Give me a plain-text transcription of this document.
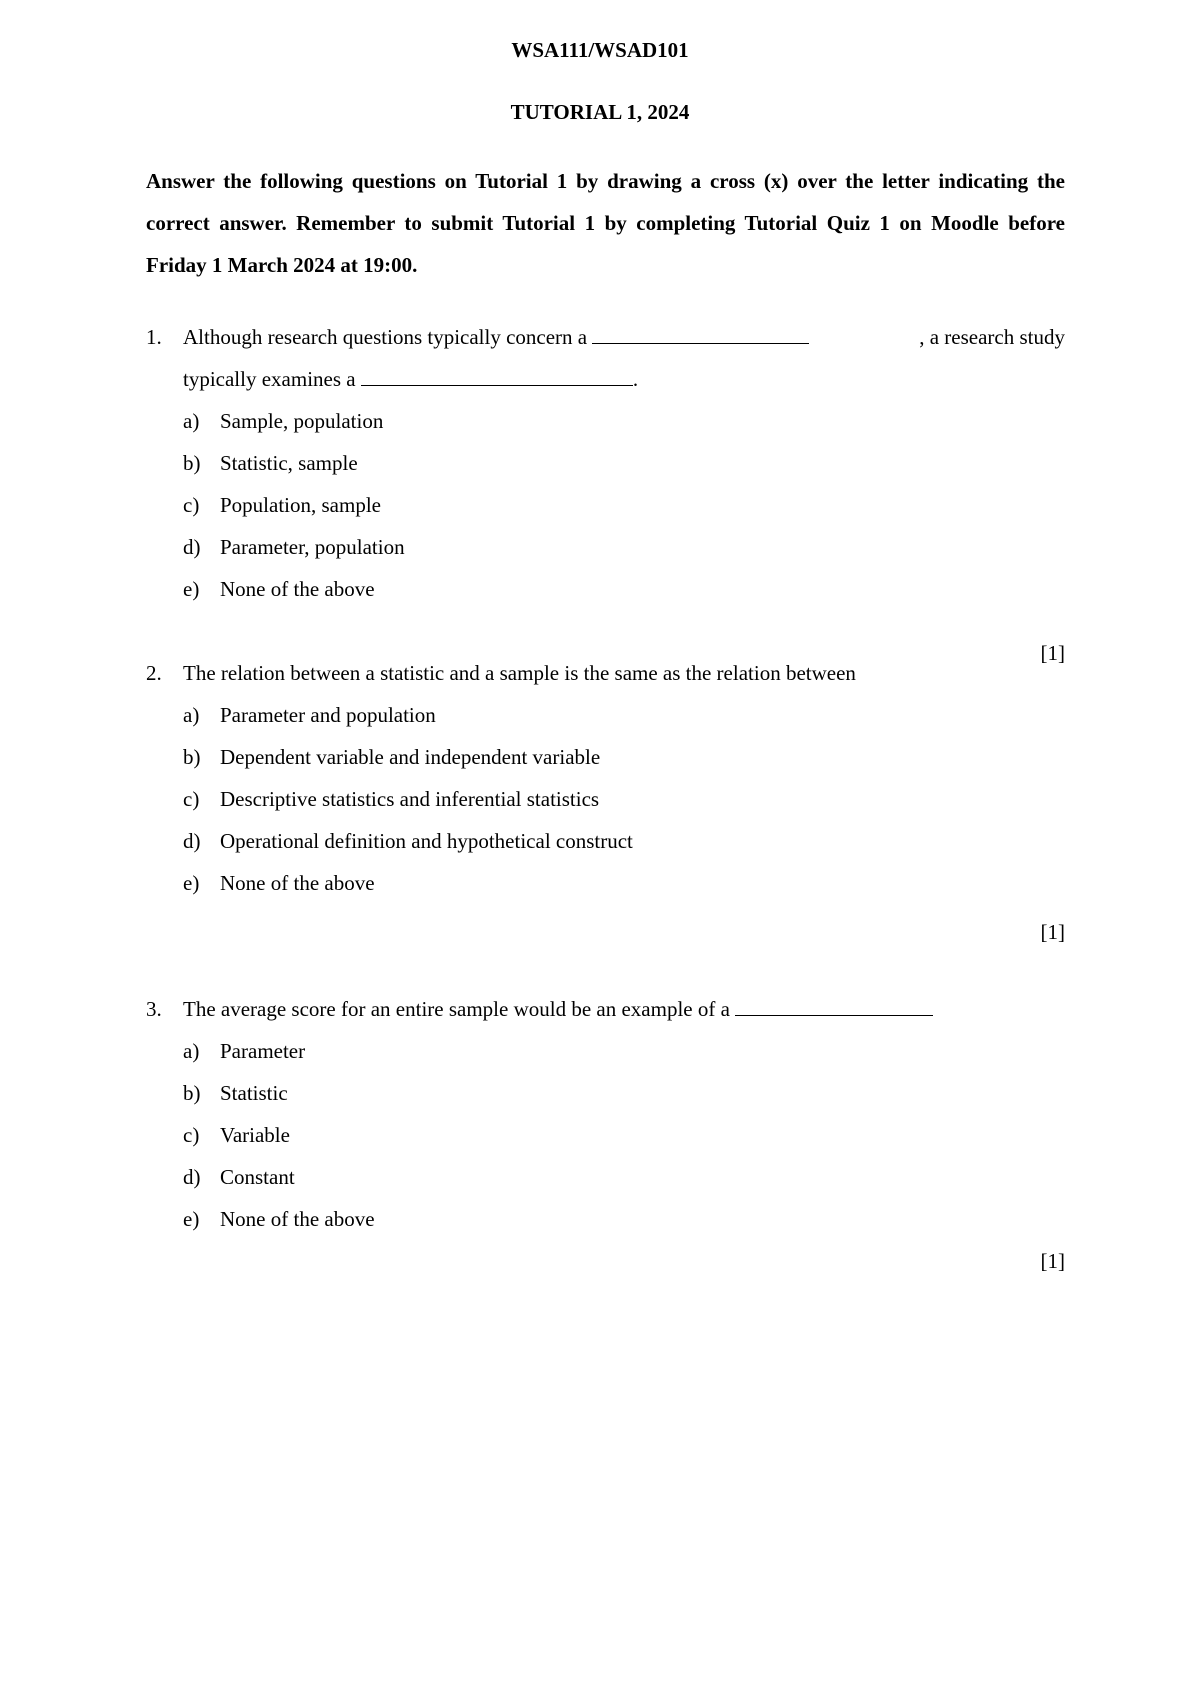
WSA111/WSAD101
TUTORIAL 1, 2024
Answer the following questions on Tutorial 1 by drawing a cross (x) over the letter indicating the correct answer. Remember to submit Tutorial 1 by completing Tutorial Quiz 1 on Moodle before Friday 1 March 2024 at 19:00.
1. Although research questions typically concern a	, a research study
typically examines a	.
a) Sample, population
b) Statistic, sample
c) Population, sample
d) Parameter, population
e) None of the above
[1]
2. The relation between a statistic and a sample is the same as the relation between
a) Parameter and population
b) Dependent variable and independent variable
c) Descriptive statistics and inferential statistics
d) Operational definition and hypothetical construct
e) None of the above
[1]
3. The average score for an entire sample would be an example of a
a) Parameter
b) Statistic
c) Variable
d) Constant
e) None of the above
[1]
